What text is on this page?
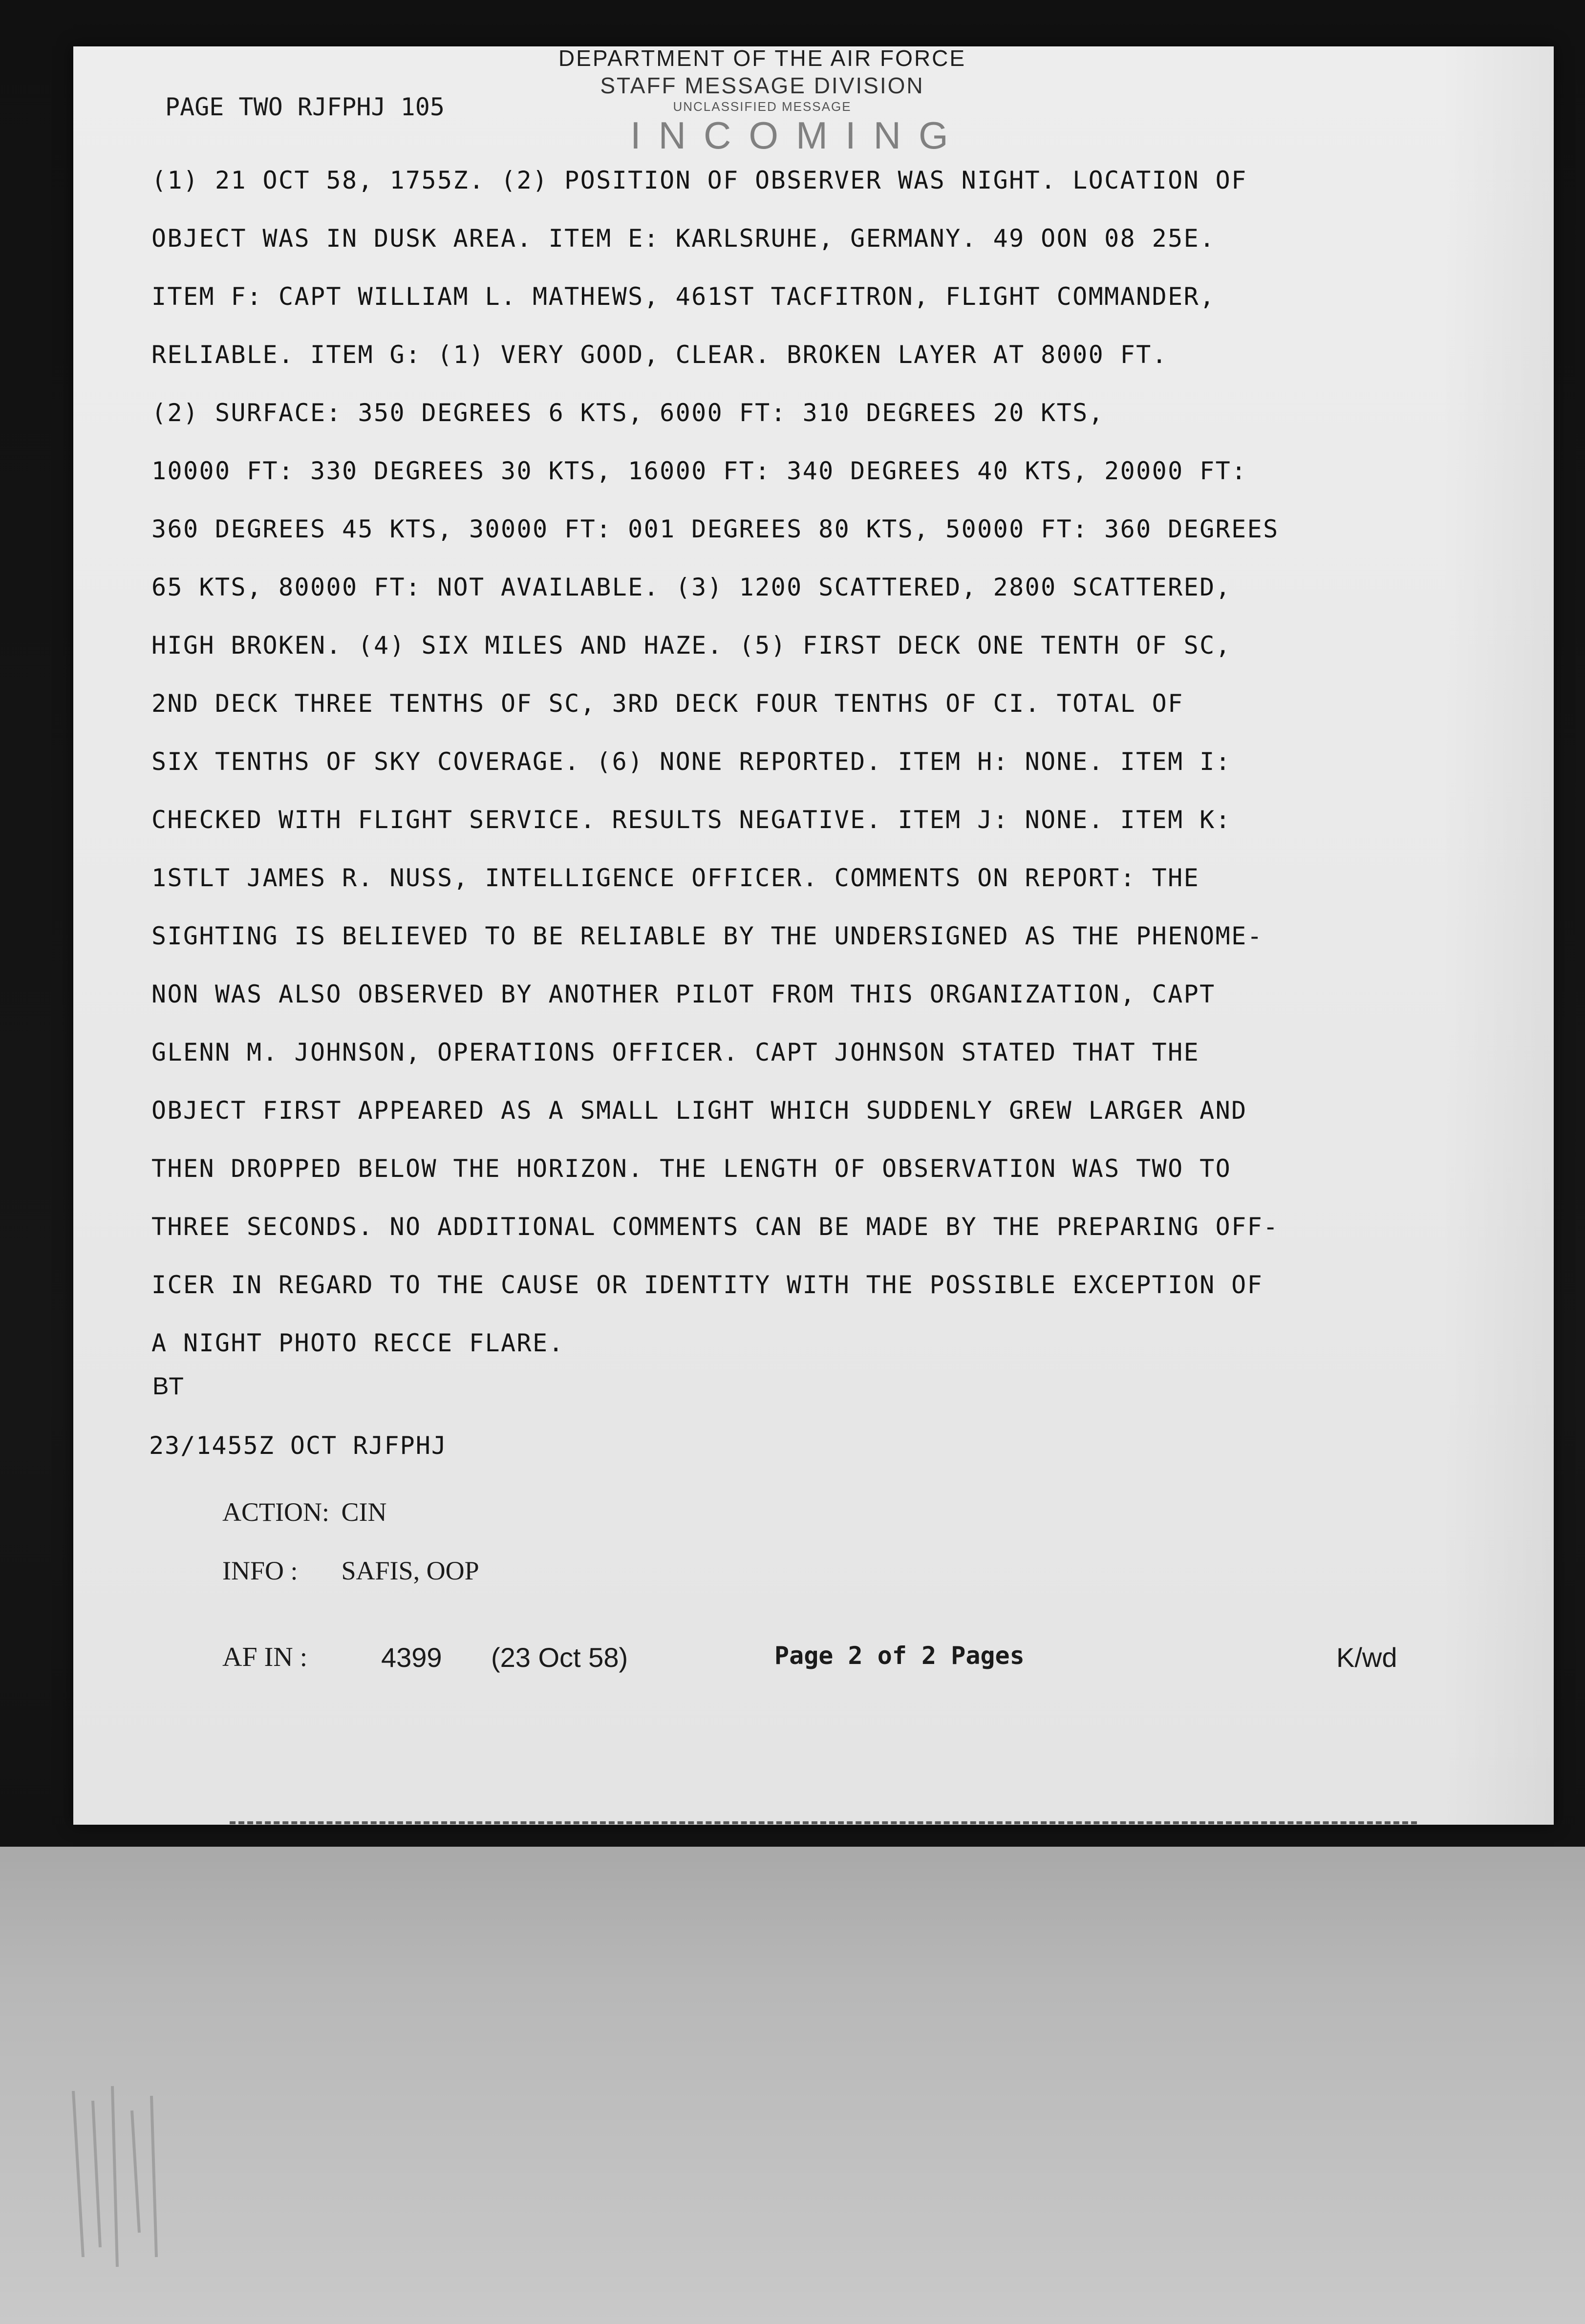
DEPARTMENT OF THE AIR FORCE
STAFF MESSAGE DIVISION
UNCLASSIFIED MESSAGE
INCOMING
PAGE TWO RJFPHJ 105
(1) 21 OCT 58, 1755Z. (2) POSITION OF OBSERVER WAS NIGHT. LOCATION OF
OBJECT WAS IN DUSK AREA. ITEM E: KARLSRUHE, GERMANY. 49 OON 08 25E.
ITEM F: CAPT WILLIAM L. MATHEWS, 461ST TACFITRON, FLIGHT COMMANDER,
RELIABLE. ITEM G: (1) VERY GOOD, CLEAR. BROKEN LAYER AT 8000 FT.
(2) SURFACE: 350 DEGREES 6 KTS, 6000 FT: 310 DEGREES 20 KTS,
10000 FT: 330 DEGREES 30 KTS, 16000 FT: 340 DEGREES 40 KTS, 20000 FT:
360 DEGREES 45 KTS, 30000 FT: 001 DEGREES 80 KTS, 50000 FT: 360 DEGREES
65 KTS, 80000 FT: NOT AVAILABLE. (3) 1200 SCATTERED, 2800 SCATTERED,
HIGH BROKEN. (4) SIX MILES AND HAZE. (5) FIRST DECK ONE TENTH OF SC,
2ND DECK THREE TENTHS OF SC, 3RD DECK FOUR TENTHS OF CI. TOTAL OF
SIX TENTHS OF SKY COVERAGE. (6) NONE REPORTED. ITEM H: NONE. ITEM I:
CHECKED WITH FLIGHT SERVICE. RESULTS NEGATIVE. ITEM J: NONE. ITEM K:
1STLT JAMES R. NUSS, INTELLIGENCE OFFICER. COMMENTS ON REPORT: THE
SIGHTING IS BELIEVED TO BE RELIABLE BY THE UNDERSIGNED AS THE PHENOME-
NON WAS ALSO OBSERVED BY ANOTHER PILOT FROM THIS ORGANIZATION, CAPT
GLENN M. JOHNSON, OPERATIONS OFFICER. CAPT JOHNSON STATED THAT THE
OBJECT FIRST APPEARED AS A SMALL LIGHT WHICH SUDDENLY GREW LARGER AND
THEN DROPPED BELOW THE HORIZON. THE LENGTH OF OBSERVATION WAS TWO TO
THREE SECONDS. NO ADDITIONAL COMMENTS CAN BE MADE BY THE PREPARING OFF-
ICER IN REGARD TO THE CAUSE OR IDENTITY WITH THE POSSIBLE EXCEPTION OF
A NIGHT PHOTO RECCE FLARE.
BT
23/1455Z OCT RJFPHJ
ACTION: CIN
INFO : SAFIS, OOP
AF IN :	4399 (23 Oct 58)	Page 2 of 2 Pages	K/wd
